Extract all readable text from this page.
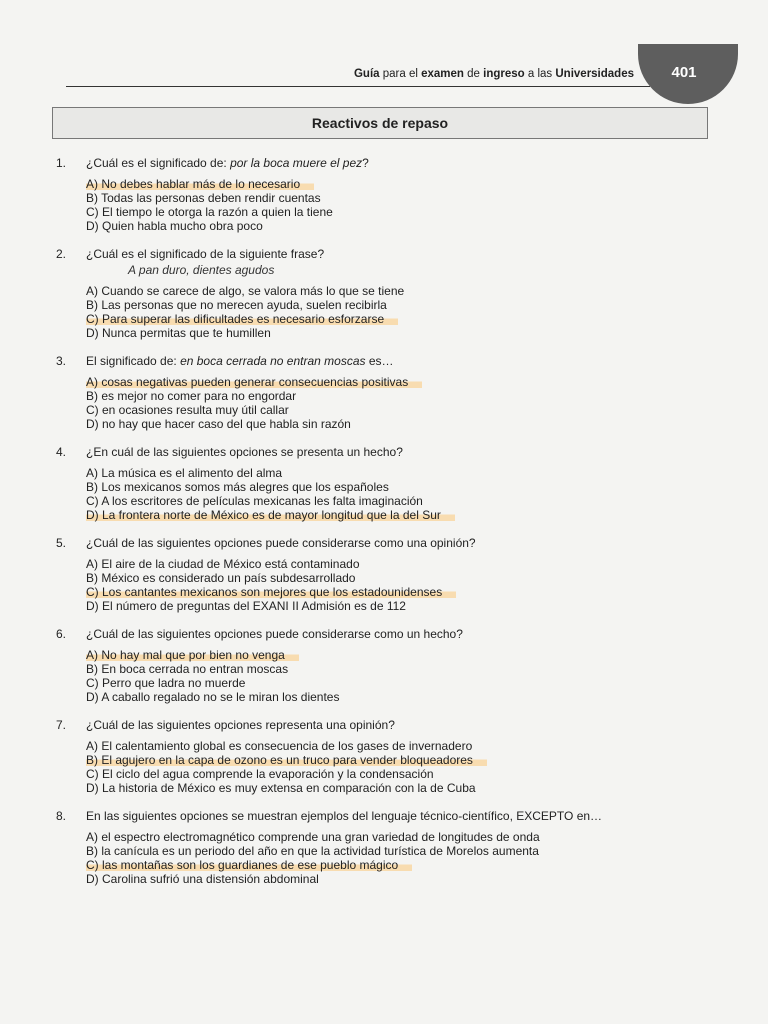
Guía para el examen de ingreso a las Universidades	401
Reactivos de repaso
1.	¿Cuál es el significado de: por la boca muere el pez?
A) No debes hablar más de lo necesario
B) Todas las personas deben rendir cuentas
C) El tiempo le otorga la razón a quien la tiene
D) Quien habla mucho obra poco
2.	¿Cuál es el significado de la siguiente frase?
A pan duro, dientes agudos
A) Cuando se carece de algo, se valora más lo que se tiene
B) Las personas que no merecen ayuda, suelen recibirla
C) Para superar las dificultades es necesario esforzarse
D) Nunca permitas que te humillen
3.	El significado de: en boca cerrada no entran moscas es…
A) cosas negativas pueden generar consecuencias positivas
B) es mejor no comer para no engordar
C) en ocasiones resulta muy útil callar
D) no hay que hacer caso del que habla sin razón
4.	¿En cuál de las siguientes opciones se presenta un hecho?
A) La música es el alimento del alma
B) Los mexicanos somos más alegres que los españoles
C) A los escritores de películas mexicanas les falta imaginación
D) La frontera norte de México es de mayor longitud que la del Sur
5.	¿Cuál de las siguientes opciones puede considerarse como una opinión?
A) El aire de la ciudad de México está contaminado
B) México es considerado un país subdesarrollado
C) Los cantantes mexicanos son mejores que los estadounidenses
D) El número de preguntas del EXANI II Admisión es de 112
6.	¿Cuál de las siguientes opciones puede considerarse como un hecho?
A) No hay mal que por bien no venga
B) En boca cerrada no entran moscas
C) Perro que ladra no muerde
D) A caballo regalado no se le miran los dientes
7.	¿Cuál de las siguientes opciones representa una opinión?
A) El calentamiento global es consecuencia de los gases de invernadero
B) El agujero en la capa de ozono es un truco para vender bloqueadores
C) El ciclo del agua comprende la evaporación y la condensación
D) La historia de México es muy extensa en comparación con la de Cuba
8.	En las siguientes opciones se muestran ejemplos del lenguaje técnico-científico, EXCEPTO en…
A) el espectro electromagnético comprende una gran variedad de longitudes de onda
B) la canícula es un periodo del año en que la actividad turística de Morelos aumenta
C) las montañas son los guardianes de ese pueblo mágico
D) Carolina sufrió una distensión abdominal
